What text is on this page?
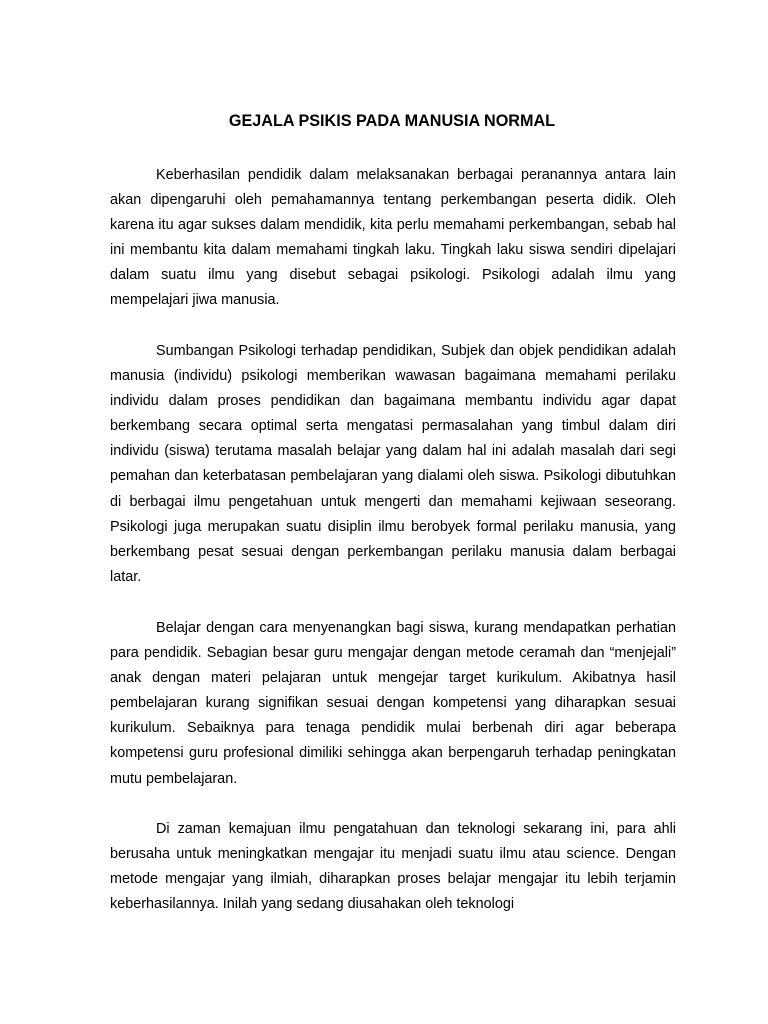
GEJALA PSIKIS PADA MANUSIA NORMAL

Keberhasilan pendidik dalam melaksanakan berbagai peranannya antara lain akan dipengaruhi oleh pemahamannya tentang perkembangan peserta didik. Oleh karena itu agar sukses dalam mendidik, kita perlu memahami perkembangan, sebab hal ini membantu kita dalam memahami tingkah laku. Tingkah laku siswa sendiri dipelajari dalam suatu ilmu yang disebut sebagai psikologi. Psikologi adalah ilmu yang mempelajari jiwa manusia.

Sumbangan Psikologi terhadap pendidikan, Subjek dan objek pendidikan adalah manusia (individu) psikologi memberikan wawasan bagaimana memahami perilaku individu dalam proses pendidikan dan bagaimana membantu individu agar dapat berkembang secara optimal serta mengatasi permasalahan yang timbul dalam diri individu (siswa) terutama masalah belajar yang dalam hal ini adalah masalah dari segi pemahan dan keterbatasan pembelajaran yang dialami oleh siswa. Psikologi dibutuhkan di berbagai ilmu pengetahuan untuk mengerti dan memahami kejiwaan seseorang. Psikologi juga merupakan suatu disiplin ilmu berobyek formal perilaku manusia, yang berkembang pesat sesuai dengan perkembangan perilaku manusia dalam berbagai latar.

Belajar dengan cara menyenangkan bagi siswa, kurang mendapatkan perhatian para pendidik. Sebagian besar guru mengajar dengan metode ceramah dan “menjejali” anak dengan materi pelajaran untuk mengejar target kurikulum. Akibatnya hasil pembelajaran kurang signifikan sesuai dengan kompetensi yang diharapkan sesuai kurikulum. Sebaiknya para tenaga pendidik mulai berbenah diri agar beberapa kompetensi guru profesional dimiliki sehingga akan berpengaruh terhadap peningkatan mutu pembelajaran.

Di zaman kemajuan ilmu pengatahuan dan teknologi sekarang ini, para ahli berusaha untuk meningkatkan mengajar itu menjadi suatu ilmu atau science. Dengan metode mengajar yang ilmiah, diharapkan proses belajar mengajar itu lebih terjamin keberhasilannya. Inilah yang sedang diusahakan oleh teknologi
